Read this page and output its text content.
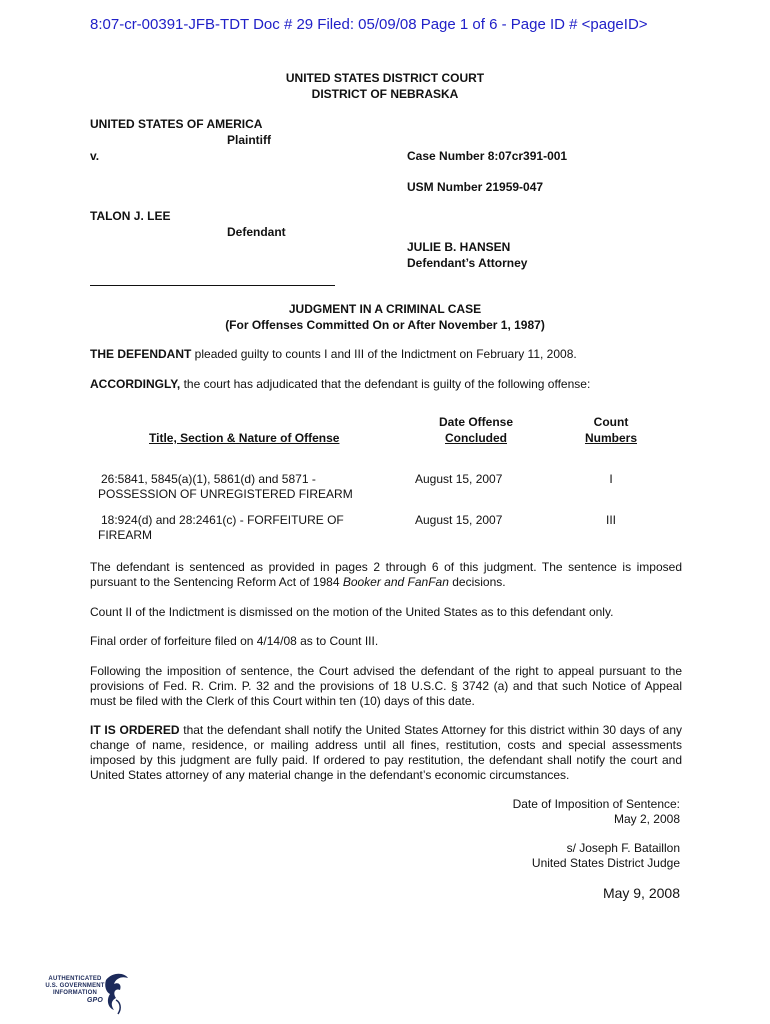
8:07-cr-00391-JFB-TDT Doc # 29 Filed: 05/09/08 Page 1 of 6 - Page ID # <pageID>
UNITED STATES DISTRICT COURT
DISTRICT OF NEBRASKA
UNITED STATES OF AMERICA
Plaintiff
v.	Case Number 8:07cr391-001
USM Number 21959-047
TALON J. LEE
Defendant
JULIE B. HANSEN
Defendant’s Attorney
JUDGMENT IN A CRIMINAL CASE
(For Offenses Committed On or After November 1, 1987)
THE DEFENDANT pleaded guilty to counts I and III of the Indictment on February 11, 2008.
ACCORDINGLY, the court has adjudicated that the defendant is guilty of the following offense:
Title, Section & Nature of Offense
Date Offense
Concluded
Count
Numbers
26:5841, 5845(a)(1), 5861(d) and 5871 -
POSSESSION OF UNREGISTERED FIREARM
August 15, 2007	I
18:924(d) and 28:2461(c) - FORFEITURE OF
FIREARM
August 15, 2007	III
The defendant is sentenced as provided in pages 2 through 6 of this judgment. The sentence is imposed pursuant to the Sentencing Reform Act of 1984 Booker and FanFan decisions.
Count II of the Indictment is dismissed on the motion of the United States as to this defendant only.
Final order of forfeiture filed on 4/14/08 as to Count III.
Following the imposition of sentence, the Court advised the defendant of the right to appeal pursuant to the provisions of Fed. R. Crim. P. 32 and the provisions of 18 U.S.C. § 3742 (a) and that such Notice of Appeal must be filed with the Clerk of this Court within ten (10) days of this date.
IT IS ORDERED that the defendant shall notify the United States Attorney for this district within 30 days of any change of name, residence, or mailing address until all fines, restitution, costs and special assessments imposed by this judgment are fully paid. If ordered to pay restitution, the defendant shall notify the court and United States attorney of any material change in the defendant’s economic circumstances.
Date of Imposition of Sentence:
May 2, 2008
s/ Joseph F. Bataillon
United States District Judge
May 9, 2008
AUTHENTICATED
U.S. GOVERNMENT
INFORMATION
GPO
